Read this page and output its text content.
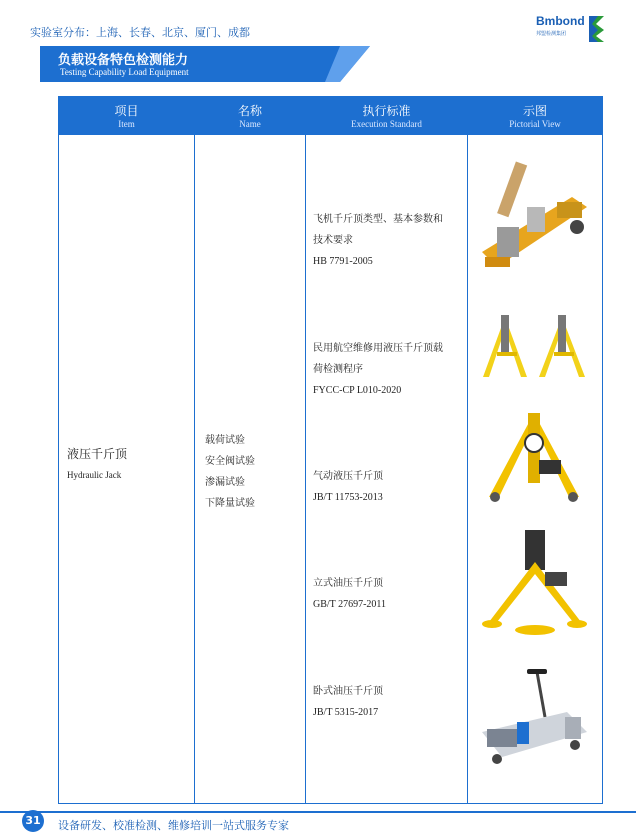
实验室分布：上海、长春、北京、厦门、成都
Bmbond
邦盟检测集团
负载设备特色检测能力
Testing Capability Load Equipment
项目
Item
名称
Name
执行标准
Execution Standard
示图
Pictorial View
液压千斤顶
Hydraulic Jack
载荷试验
安全阀试验
渗漏试验
下降量试验
飞机千斤顶类型、基本参数和
技术要求
HB 7791-2005
民用航空维修用液压千斤顶载
荷检测程序
FYCC-CP L010-2020
气动液压千斤顶
JB/T 11753-2013
立式油压千斤顶
GB/T 27697-2011
卧式油压千斤顶
JB/T 5315-2017
31	设备研发、校准检测、维修培训一站式服务专家
